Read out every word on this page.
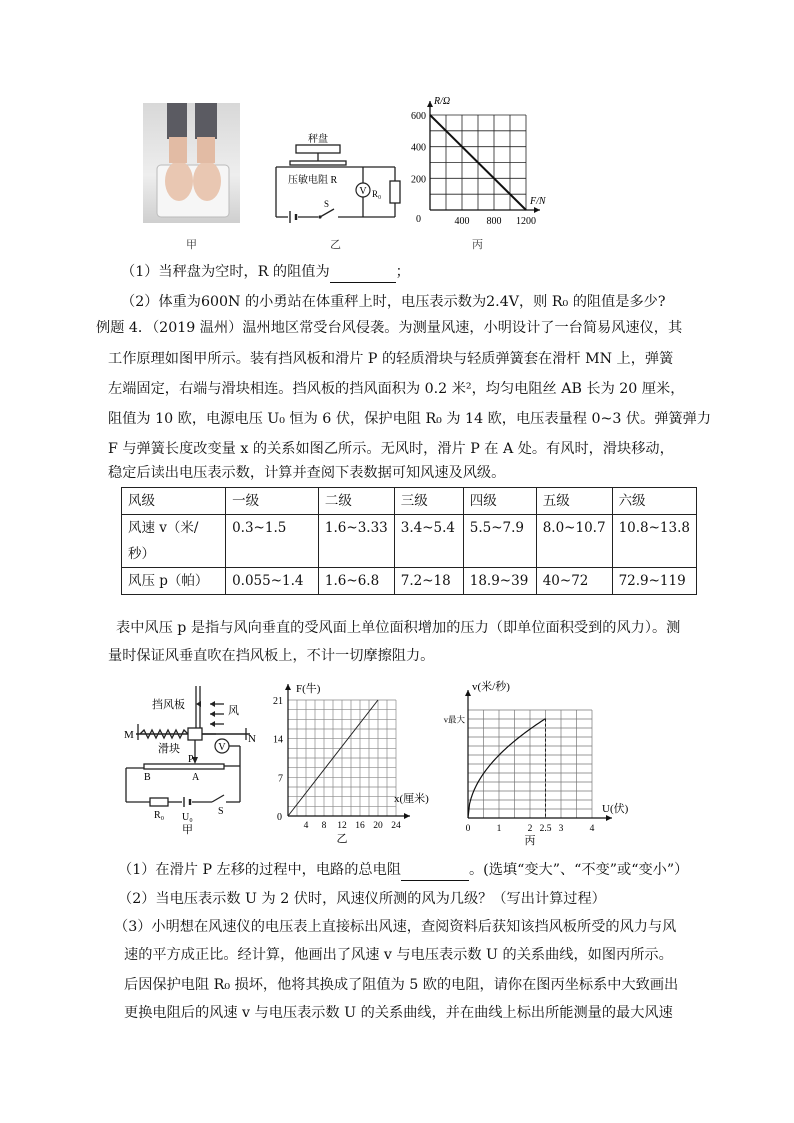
甲
V
秤盘
压敏电阻 R
R₀
S
乙
400 800 1200
200
400
600
0
R/Ω
F/N
丙
（1）当秤盘为空时，R 的阻值为	；
（2）体重为600N 的小勇站在体重秤上时，电压表示数为2.4V，则 R₀ 的阻值是多少?
例题 4．（2019 温州）温州地区常受台风侵袭。为测量风速，小明设计了一台简易风速仪，其
工作原理如图甲所示。装有挡风板和滑片 P 的轻质滑块与轻质弹簧套在滑杆 MN 上，弹簧
左端固定，右端与滑块相连。挡风板的挡风面积为 0.2 米²，均匀电阻丝 AB 长为 20 厘米，
阻值为 10 欧，电源电压 U₀ 恒为 6 伏，保护电阻 R₀ 为 14 欧，电压表量程 0~3 伏。弹簧弹力
F 与弹簧长度改变量 x 的关系如图乙所示。无风时，滑片 P 在 A 处。有风时，滑块移动，
稳定后读出电压表示数，计算并查阅下表数据可知风速及风级。
风级	一级	二级	三级	四级	五级	六级
风速 v（米/
秒）	0.3~1.5	1.6~3.33	3.4~5.4	5.5~7.9	8.0~10.7	10.8~13.8
风压 p（帕）	0.055~1.4	1.6~6.8	7.2~18	18.9~39	40~72	72.9~119
表中风压 p 是指与风向垂直的受风面上单位面积增加的压力（即单位面积受到的风力）。测
量时保证风垂直吹在挡风板上，不计一切摩擦阻力。
V
挡风板	风
M	N
滑块
P
A
B
R₀ U₀
S
甲	4 8 12 16 20 24
7
14
21
0
F(牛)
x(厘米)
乙
0	1	2 2.5 3	4
v(米/秒)
U(伏)
v最大
丙
（1）在滑片 P 左移的过程中，电路的总电阻	。(选填“变大”、“不变”或“变小”）
（2）当电压表示数 U 为 2 伏时，风速仪所测的风为几级？（写出计算过程）
（3）小明想在风速仪的电压表上直接标出风速，查阅资料后获知该挡风板所受的风力与风
速的平方成正比。经计算，他画出了风速 v 与电压表示数 U 的关系曲线，如图丙所示。
后因保护电阻 R₀ 损坏，他将其换成了阻值为 5 欧的电阻，请你在图丙坐标系中大致画出
更换电阻后的风速 v 与电压表示数 U 的关系曲线，并在曲线上标出所能测量的最大风速
